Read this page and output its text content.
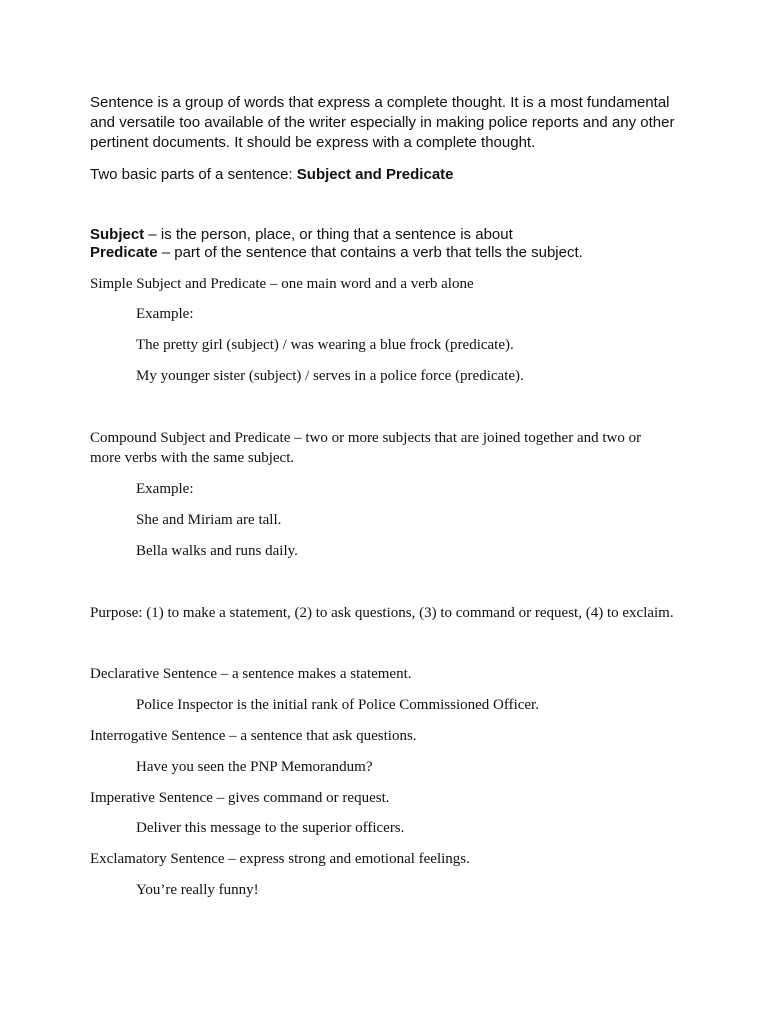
Sentence is a group of words that express a complete thought. It is a most fundamental

and versatile too available of the writer especially in making police reports and any other

pertinent documents. It should be express with a complete thought.

Two basic parts of a sentence: Subject and Predicate

Subject – is the person, place, or thing that a sentence is about

Predicate – part of the sentence that contains a verb that tells the subject.

Simple Subject and Predicate – one main word and a verb alone

Example:

The pretty girl (subject) / was wearing a blue frock (predicate).

My younger sister (subject) / serves in a police force (predicate).

Compound Subject and Predicate – two or more subjects that are joined together and two or

more verbs with the same subject.

Example:

She and Miriam are tall.

Bella walks and runs daily.

Purpose: (1) to make a statement, (2) to ask questions, (3) to command or request, (4) to exclaim.

Declarative Sentence – a sentence makes a statement.

Police Inspector is the initial rank of Police Commissioned Officer.

Interrogative Sentence – a sentence that ask questions.

Have you seen the PNP Memorandum?

Imperative Sentence – gives command or request.

Deliver this message to the superior officers.

Exclamatory Sentence – express strong and emotional feelings.

You’re really funny!
